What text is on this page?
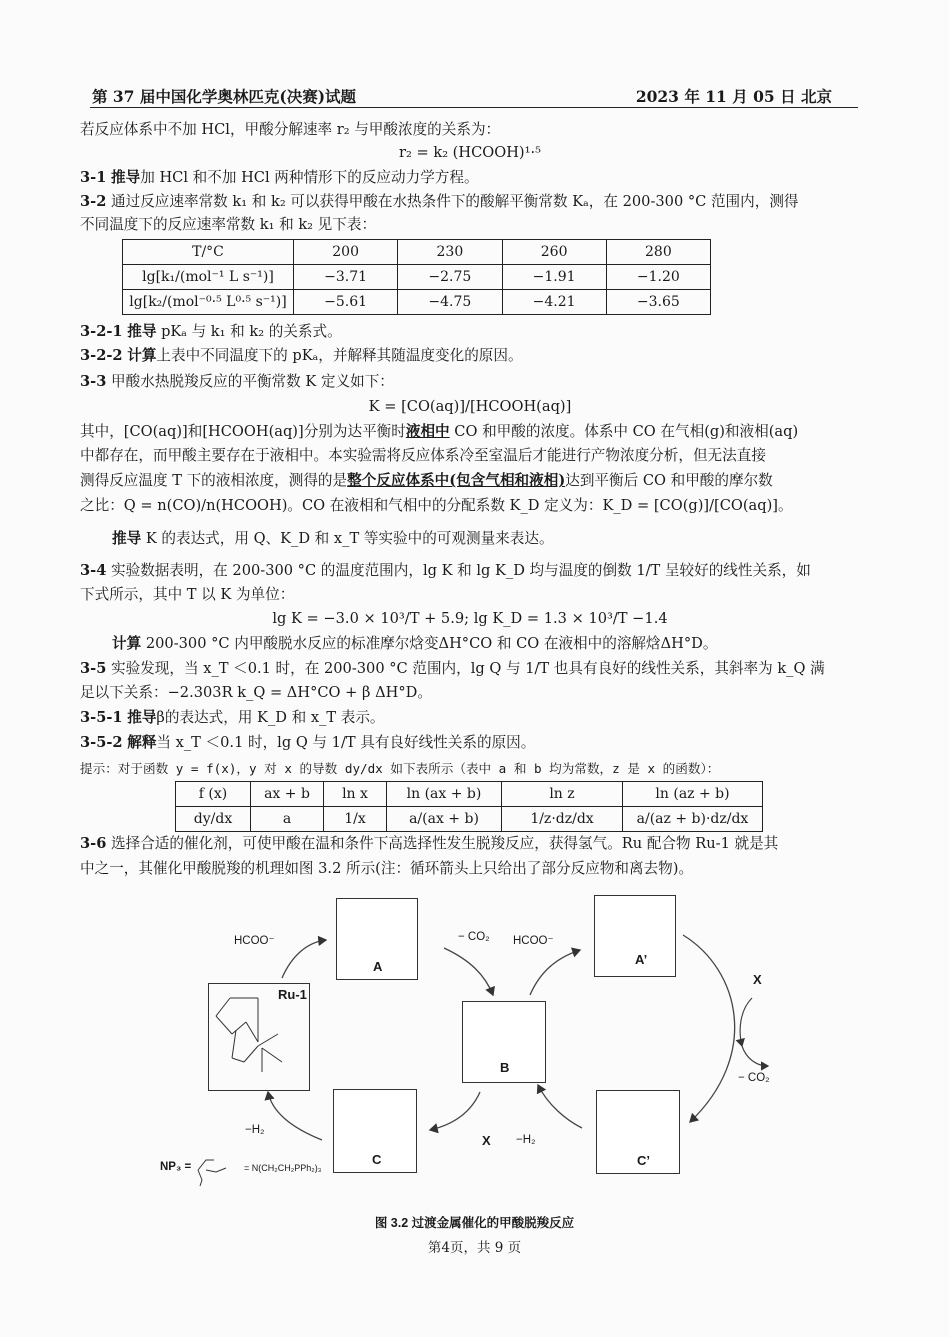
第 37 届中国化学奥林匹克(决赛)试题	2023 年 11 月 05 日 北京
若反应体系中不加 HCl，甲酸分解速率 r₂ 与甲酸浓度的关系为：
r₂ = k₂ (HCOOH)¹·⁵
3-1 推导加 HCl 和不加 HCl 两种情形下的反应动力学方程。
3-2 通过反应速率常数 k₁ 和 k₂ 可以获得甲酸在水热条件下的酸解平衡常数 Kₐ，在 200-300 °C 范围内，测得
不同温度下的反应速率常数 k₁ 和 k₂ 见下表：
T/°C	200	230	260	280
lg[k₁/(mol⁻¹ L s⁻¹)]	−3.71	−2.75	−1.91	−1.20
lg[k₂/(mol⁻⁰·⁵ L⁰·⁵ s⁻¹)]	−5.61	−4.75	−4.21	−3.65
3-2-1 推导 pKₐ 与 k₁ 和 k₂ 的关系式。
3-2-2 计算上表中不同温度下的 pKₐ，并解释其随温度变化的原因。
3-3 甲酸水热脱羧反应的平衡常数 K 定义如下：
K = [CO(aq)]/[HCOOH(aq)]
其中，[CO(aq)]和[HCOOH(aq)]分别为达平衡时液相中 CO 和甲酸的浓度。体系中 CO 在气相(g)和液相(aq)
中都存在，而甲酸主要存在于液相中。本实验需将反应体系冷至室温后才能进行产物浓度分析，但无法直接
测得反应温度 T 下的液相浓度，测得的是整个反应体系中(包含气相和液相)达到平衡后 CO 和甲酸的摩尔数
之比：Q = n(CO)/n(HCOOH)。CO 在液相和气相中的分配系数 K_D 定义为：K_D = [CO(g)]/[CO(aq)]。
推导 K 的表达式，用 Q、K_D 和 x_T 等实验中的可观测量来表达。
3-4 实验数据表明，在 200-300 °C 的温度范围内，lg K 和 lg K_D 均与温度的倒数 1/T 呈较好的线性关系，如
下式所示，其中 T 以 K 为单位：
lg K = −3.0 × 10³/T + 5.9; lg K_D = 1.3 × 10³/T −1.4
计算 200-300 °C 内甲酸脱水反应的标准摩尔焓变ΔH°CO 和 CO 在液相中的溶解焓ΔH°D。
3-5 实验发现，当 x_T ＜0.1 时，在 200-300 °C 范围内，lg Q 与 1/T 也具有良好的线性关系，其斜率为 k_Q 满
足以下关系：−2.303R k_Q = ΔH°CO + β ΔH°D。
3-5-1 推导β的表达式，用 K_D 和 x_T 表示。
3-5-2 解释当 x_T ＜0.1 时，lg Q 与 1/T 具有良好线性关系的原因。
提示：对于函数 y = f(x)，y 对 x 的导数 dy/dx 如下表所示（表中 a 和 b 均为常数，z 是 x 的函数）：
f (x)	ax + b	ln x	ln (ax + b)	ln z	ln (az + b)
dy/dx	a	1/x	a/(ax + b)	1/z·dz/dx	a/(az + b)·dz/dx
3-6 选择合适的催化剂，可使甲酸在温和条件下高选择性发生脱羧反应，获得氢气。Ru 配合物 Ru-1 就是其
中之一，其催化甲酸脱羧的机理如图 3.2 所示(注：循环箭头上只给出了部分反应物和离去物)。
A	A’
B
C	C’
Ru-1
HCOO⁻	− CO₂ HCOO⁻
X
− CO₂
X −H₂
−H₂
NP₃ =	= N(CH₂CH₂PPh₂)₃
图 3.2 过渡金属催化的甲酸脱羧反应
第4页，共 9 页
